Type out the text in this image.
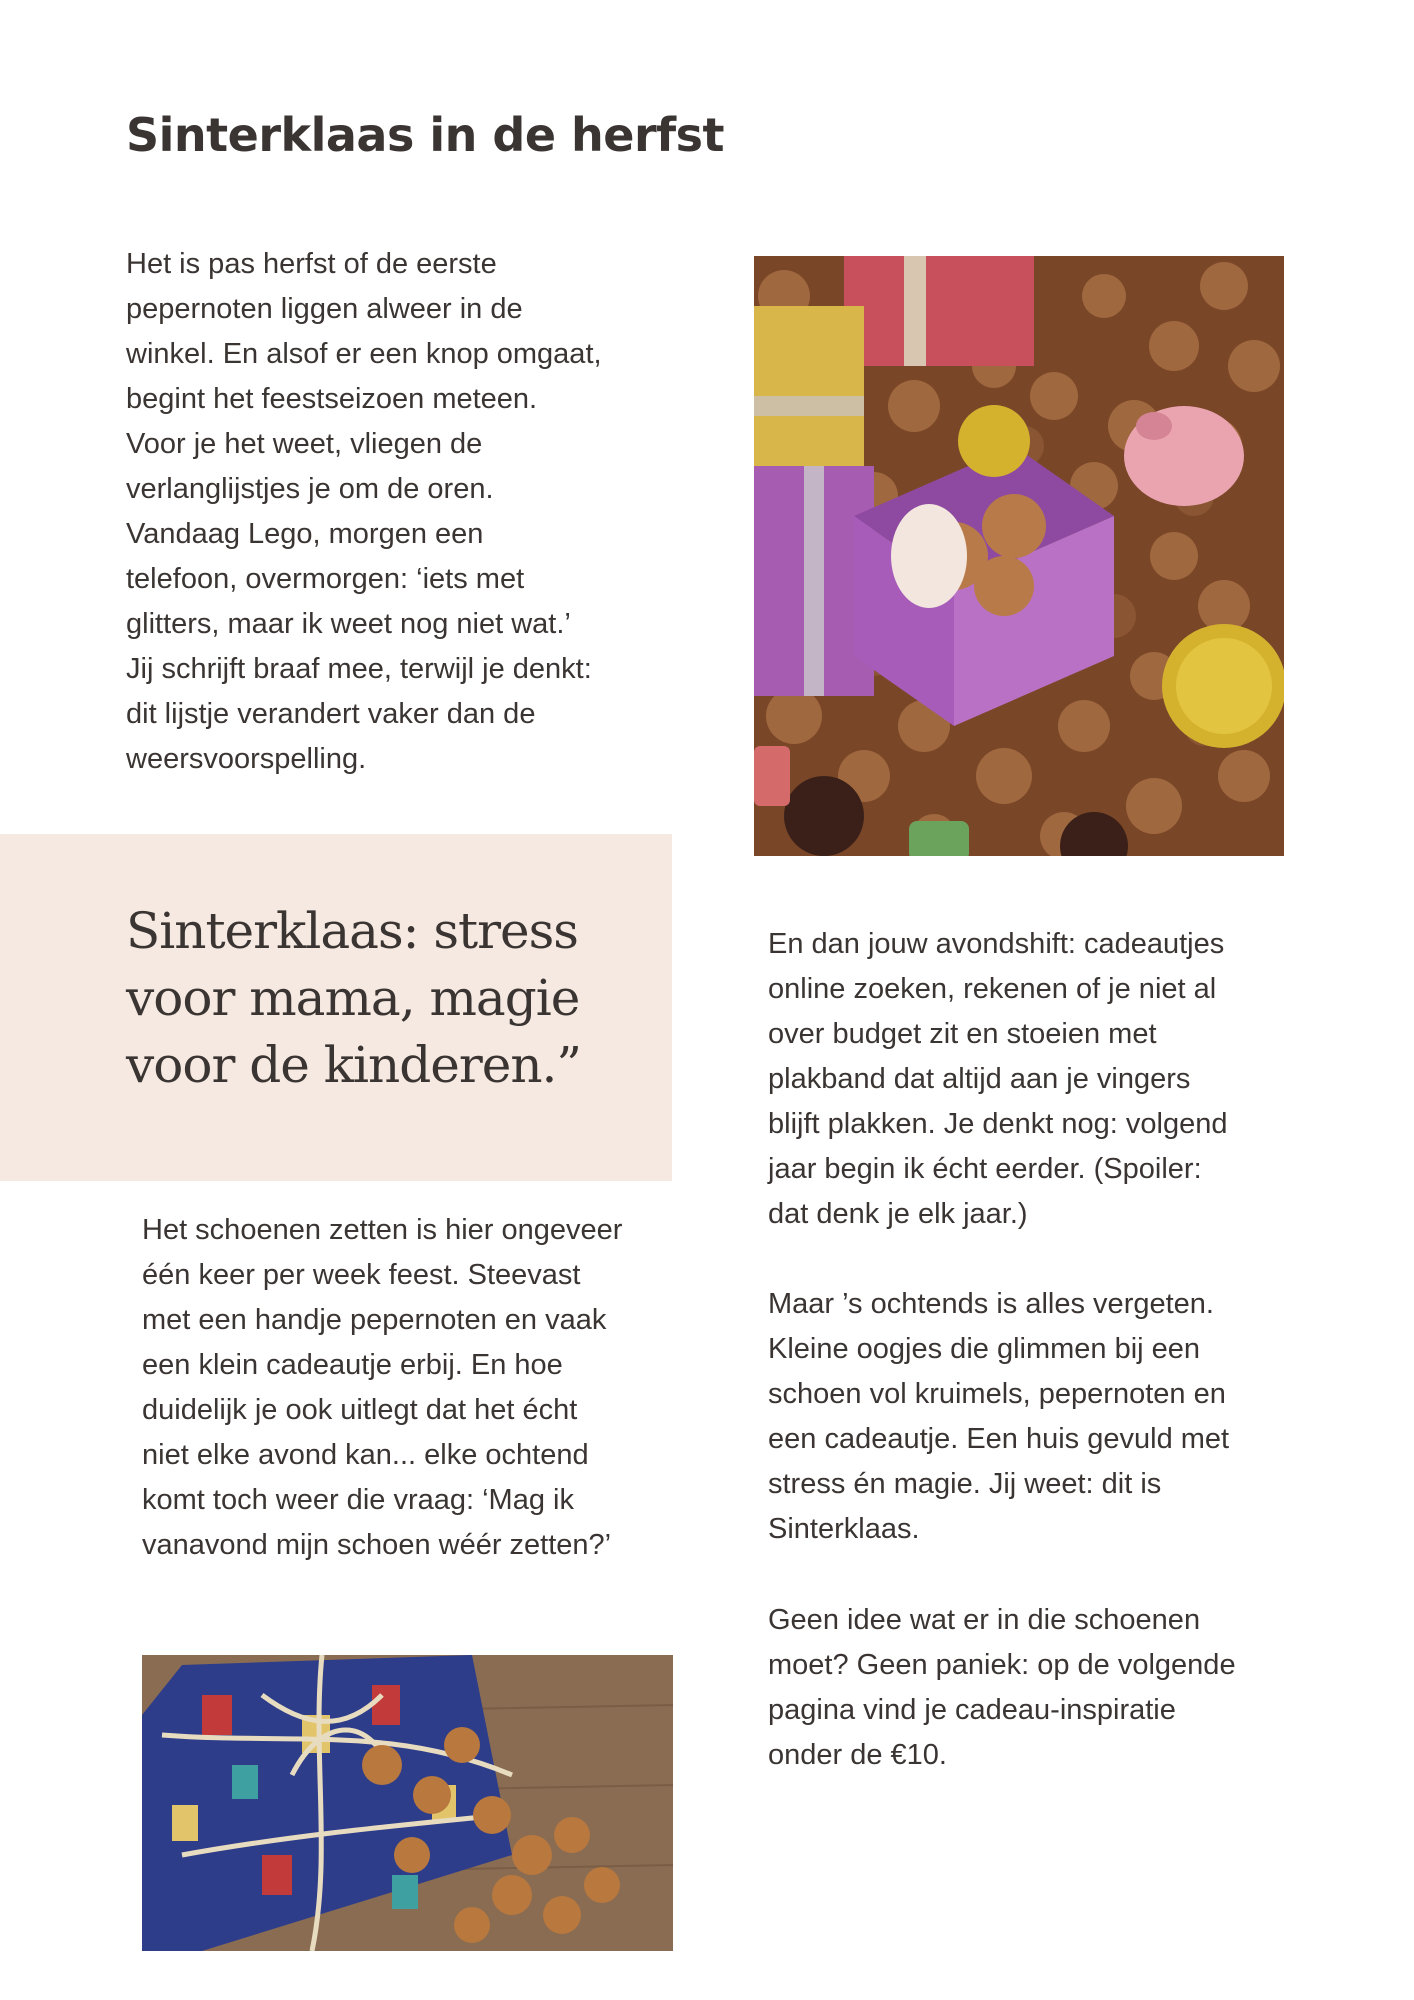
Sinterklaas in de herfst

Het is pas herfst of de eerste
pepernoten liggen alweer in de
winkel. En alsof er een knop omgaat,
begint het feestseizoen meteen.
Voor je het weet, vliegen de
verlanglijstjes je om de oren.
Vandaag Lego, morgen een
telefoon, overmorgen: ‘iets met
glitters, maar ik weet nog niet wat.’
Jij schrijft braaf mee, terwijl je denkt:
dit lijstje verandert vaker dan de
weersvoorspelling.

Sinterklaas: stress
voor mama, magie
voor de kinderen.”

En dan jouw avondshift: cadeautjes
online zoeken, rekenen of je niet al
over budget zit en stoeien met
plakband dat altijd aan je vingers
blijft plakken. Je denkt nog: volgend
jaar begin ik écht eerder. (Spoiler:
dat denk je elk jaar.)

Het schoenen zetten is hier ongeveer
één keer per week feest. Steevast
met een handje pepernoten en vaak
een klein cadeautje erbij. En hoe
duidelijk je ook uitlegt dat het écht
niet elke avond kan... elke ochtend
komt toch weer die vraag: ‘Mag ik
vanavond mijn schoen wéér zetten?’

Maar ’s ochtends is alles vergeten.
Kleine oogjes die glimmen bij een
schoen vol kruimels, pepernoten en
een cadeautje. Een huis gevuld met
stress én magie. Jij weet: dit is
Sinterklaas.

Geen idee wat er in die schoenen
moet? Geen paniek: op de volgende
pagina vind je cadeau-inspiratie
onder de €10.
